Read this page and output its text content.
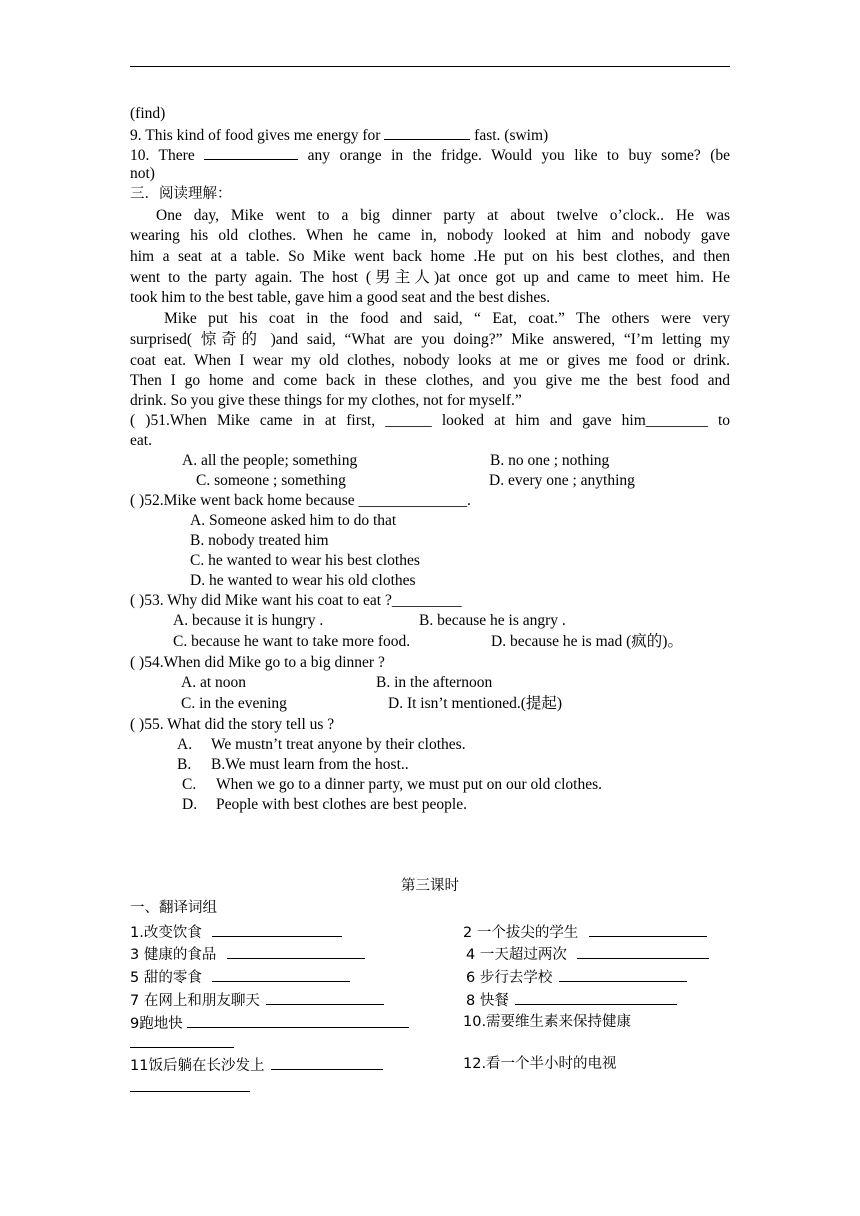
(find)
9. This kind of food gives me energy for	fast. (swim)
10. There	any orange in the fridge. Would you like to buy some? (be
not)
三．阅读理解：
One day, Mike went to a big dinner party at about twelve o’clock.. He was
wearing his old clothes. When he came in, nobody looked at him and nobody gave
him a seat at a table. So Mike went back home .He put on his best clothes, and then
went to the party again. The host (男主人)at once got up and came to meet him. He
took him to the best table, gave him a good seat and the best dishes.
Mike put his coat in the food and said, “ Eat, coat.” The others were very
surprised( 惊奇的 )and said, “What are you doing?” Mike answered, “I’m letting my
coat eat. When I wear my old clothes, nobody looks at me or gives me food or drink.
Then I go home and come back in these clothes, and you give me the best food and
drink. So you give these things for my clothes, not for myself.”
( )51.When Mike came in at first, ______ looked at him and gave him________ to
eat.
A. all the people; something	B. no one ; nothing
C. someone ; something	D. every one ; anything
( )52.Mike went back home because ______________.
A. Someone asked him to do that
B. nobody treated him
C. he wanted to wear his best clothes
D. he wanted to wear his old clothes
( )53. Why did Mike want his coat to eat ?_________
A. because it is hungry .	B. because he is angry .
C. because he want to take more food.	D. because he is mad (疯的)。
( )54.When did Mike go to a big dinner ?
A. at noon	B. in the afternoon
C. in the evening	D. It isn’t mentioned.(提起)
( )55. What did the story tell us ?
A. We mustn’t treat anyone by their clothes.
B. B.We must learn from the host..
C. When we go to a dinner party, we must put on our old clothes.
D. People with best clothes are best people.
第三课时
一、翻译词组
1.改变饮食	2 一个拔尖的学生
3 健康的食品	4 一天超过两次
5 甜的零食	6 步行去学校
7 在网上和朋友聊天	8 快餐
9跑地快	10.需要维生素来保持健康
11饭后躺在长沙发上	12.看一个半小时的电视
